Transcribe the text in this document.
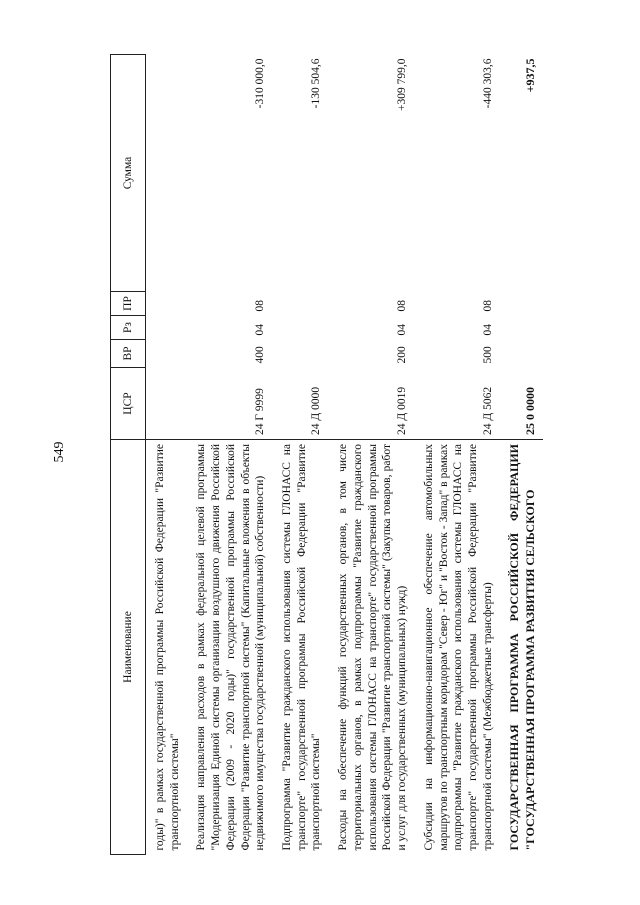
549
Наименование	ЦСР	ВР	Рз	ПР	Сумма
годы)" в рамках государственной программы Российской Федерации "Развитие транспортной системы"					
Реализация направления расходов в рамках федеральной целевой программы "Модернизация Единой системы организации воздушного движения Российской Федерации (2009 - 2020 годы)" государственной программы Российской Федерации "Развитие транспортной системы" (Капитальные вложения в объекты недвижимого имущества государственной (муниципальной) собственности)	24 Г 9999	400	04	08	-310 000,0
Подпрограмма "Развитие гражданского использования системы ГЛОНАСС на транспорте" государственной программы Российской Федерации "Развитие транспортной системы"	24 Д 0000				-130 504,6
Расходы на обеспечение функций государственных органов, в том числе территориальных органов, в рамках подпрограммы "Развитие гражданского использования системы ГЛОНАСС на транспорте" государственной программы Российской Федерации "Развитие транспортной системы" (Закупка товаров, работ и услуг для государственных (муниципальных) нужд)	24 Д 0019	200	04	08	+309 799,0
Субсидии на информационно-навигационное обеспечение автомобильных маршрутов по транспортным коридорам "Север - Юг" и "Восток - Запад" в рамках подпрограммы "Развитие гражданского использования системы ГЛОНАСС на транспорте" государственной программы Российской Федерации "Развитие транспортной системы" (Межбюджетные трансферты)	24 Д 5062	500	04	08	-440 303,6
ГОСУДАРСТВЕННАЯ ПРОГРАММА РОССИЙСКОЙ ФЕДЕРАЦИИ "ГОСУДАРСТВЕННАЯ ПРОГРАММА РАЗВИТИЯ СЕЛЬСКОГО	25 0 0000				+937,5
